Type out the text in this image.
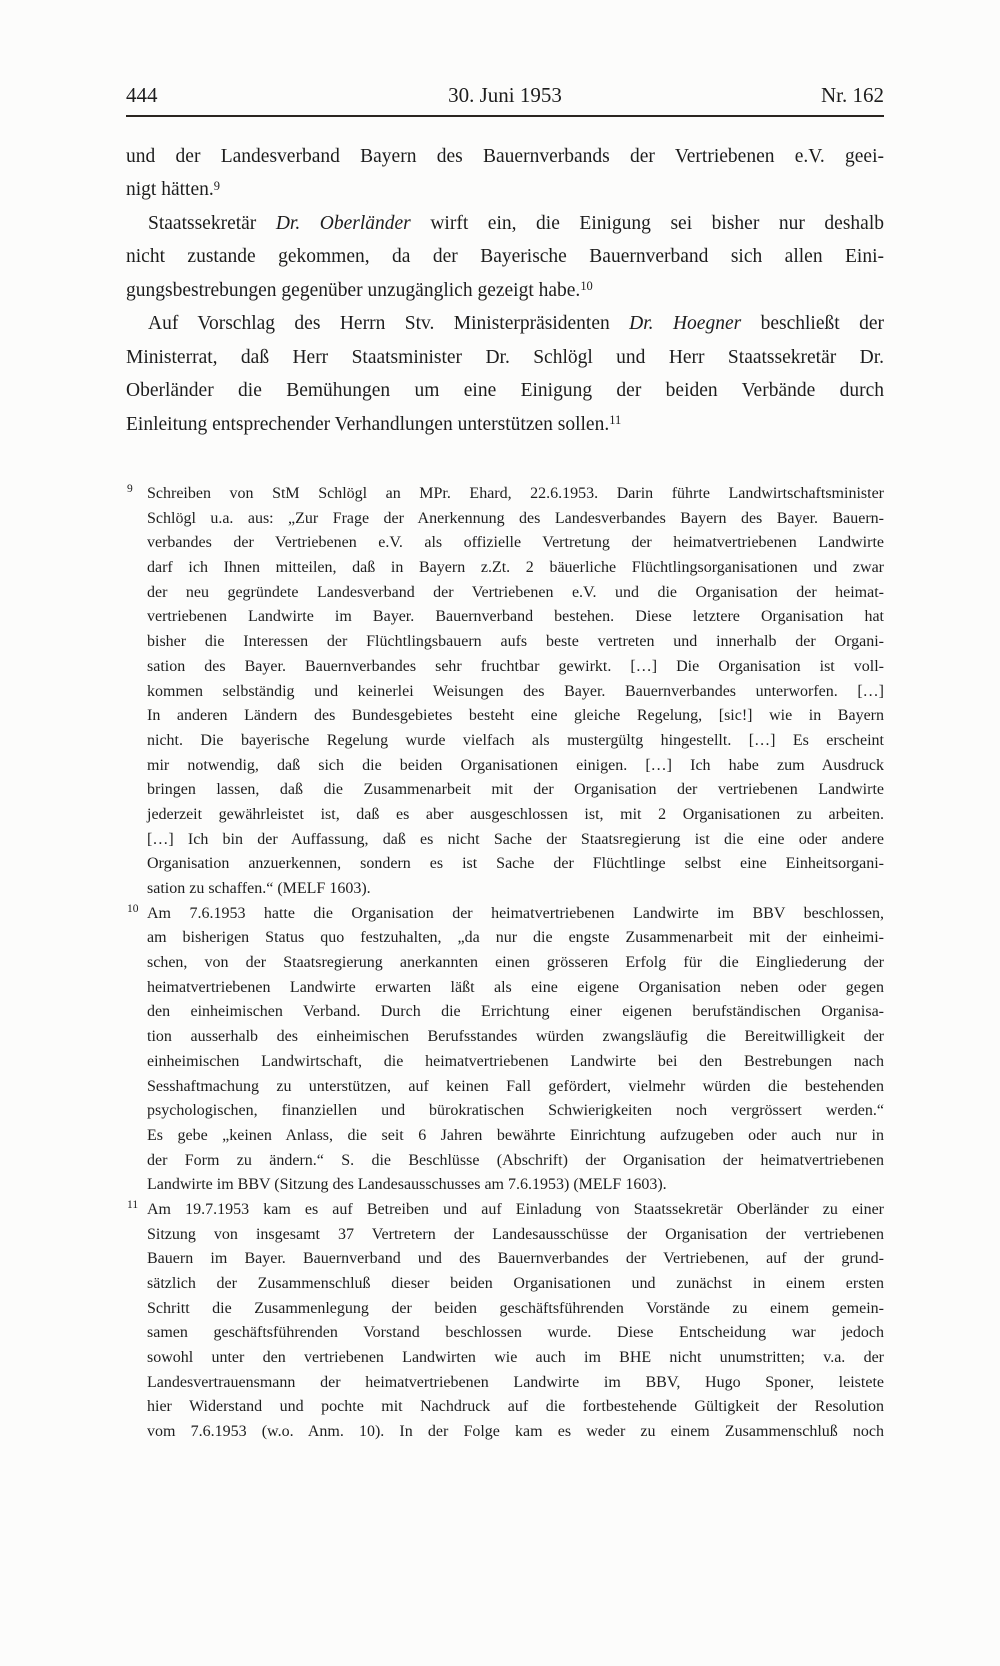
444	30. Juni 1953	Nr. 162
und der Landesverband Bayern des Bauernverbands der Vertriebenen e.V. geei-
nigt hätten.$^9$
Staatssekretär Dr. Oberländer wirft ein, die Einigung sei bisher nur deshalb
nicht zustande gekommen, da der Bayerische Bauernverband sich allen Eini-
gungsbestrebungen gegenüber unzugänglich gezeigt habe.$^{10}$
Auf Vorschlag des Herrn Stv. Ministerpräsidenten Dr. Hoegner beschließt der
Ministerrat, daß Herr Staatsminister Dr. Schlögl und Herr Staatssekretär Dr.
Oberländer die Bemühungen um eine Einigung der beiden Verbände durch
Einleitung entsprechender Verhandlungen unterstützen sollen.$^{11}$
9 Schreiben von StM Schlögl an MPr. Ehard, 22.6.1953. Darin führte Landwirtschaftsminister
Schlögl u.a. aus: „Zur Frage der Anerkennung des Landesverbandes Bayern des Bayer. Bauern-
verbandes der Vertriebenen e.V. als offizielle Vertretung der heimatvertriebenen Landwirte
darf ich Ihnen mitteilen, daß in Bayern z.Zt. 2 bäuerliche Flüchtlingsorganisationen und zwar
der neu gegründete Landesverband der Vertriebenen e.V. und die Organisation der heimat-
vertriebenen Landwirte im Bayer. Bauernverband bestehen. Diese letztere Organisation hat
bisher die Interessen der Flüchtlingsbauern aufs beste vertreten und innerhalb der Organi-
sation des Bayer. Bauernverbandes sehr fruchtbar gewirkt. […] Die Organisation ist voll-
kommen selbständig und keinerlei Weisungen des Bayer. Bauernverbandes unterworfen. […]
In anderen Ländern des Bundesgebietes besteht eine gleiche Regelung, [sic!] wie in Bayern
nicht. Die bayerische Regelung wurde vielfach als mustergültg hingestellt. […] Es erscheint
mir notwendig, daß sich die beiden Organisationen einigen. […] Ich habe zum Ausdruck
bringen lassen, daß die Zusammenarbeit mit der Organisation der vertriebenen Landwirte
jederzeit gewährleistet ist, daß es aber ausgeschlossen ist, mit 2 Organisationen zu arbeiten.
[…] Ich bin der Auffassung, daß es nicht Sache der Staatsregierung ist die eine oder andere
Organisation anzuerkennen, sondern es ist Sache der Flüchtlinge selbst eine Einheitsorgani-
sation zu schaffen.“ (MELF 1603).
10 Am 7.6.1953 hatte die Organisation der heimatvertriebenen Landwirte im BBV beschlossen,
am bisherigen Status quo festzuhalten, „da nur die engste Zusammenarbeit mit der einheimi-
schen, von der Staatsregierung anerkannten einen grösseren Erfolg für die Eingliederung der
heimatvertriebenen Landwirte erwarten läßt als eine eigene Organisation neben oder gegen
den einheimischen Verband. Durch die Errichtung einer eigenen berufständischen Organisa-
tion ausserhalb des einheimischen Berufsstandes würden zwangsläufig die Bereitwilligkeit der
einheimischen Landwirtschaft, die heimatvertriebenen Landwirte bei den Bestrebungen nach
Sesshaftmachung zu unterstützen, auf keinen Fall gefördert, vielmehr würden die bestehenden
psychologischen, finanziellen und bürokratischen Schwierigkeiten noch vergrössert werden.“
Es gebe „keinen Anlass, die seit 6 Jahren bewährte Einrichtung aufzugeben oder auch nur in
der Form zu ändern.“ S. die Beschlüsse (Abschrift) der Organisation der heimatvertriebenen
Landwirte im BBV (Sitzung des Landesausschusses am 7.6.1953) (MELF 1603).
11 Am 19.7.1953 kam es auf Betreiben und auf Einladung von Staatssekretär Oberländer zu einer
Sitzung von insgesamt 37 Vertretern der Landesausschüsse der Organisation der vertriebenen
Bauern im Bayer. Bauernverband und des Bauernverbandes der Vertriebenen, auf der grund-
sätzlich der Zusammenschluß dieser beiden Organisationen und zunächst in einem ersten
Schritt die Zusammenlegung der beiden geschäftsführenden Vorstände zu einem gemein-
samen geschäftsführenden Vorstand beschlossen wurde. Diese Entscheidung war jedoch
sowohl unter den vertriebenen Landwirten wie auch im BHE nicht unumstritten; v.a. der
Landesvertrauensmann der heimatvertriebenen Landwirte im BBV, Hugo Sponer, leistete
hier Widerstand und pochte mit Nachdruck auf die fortbestehende Gültigkeit der Resolution
vom 7.6.1953 (w.o. Anm. 10). In der Folge kam es weder zu einem Zusammenschluß noch
